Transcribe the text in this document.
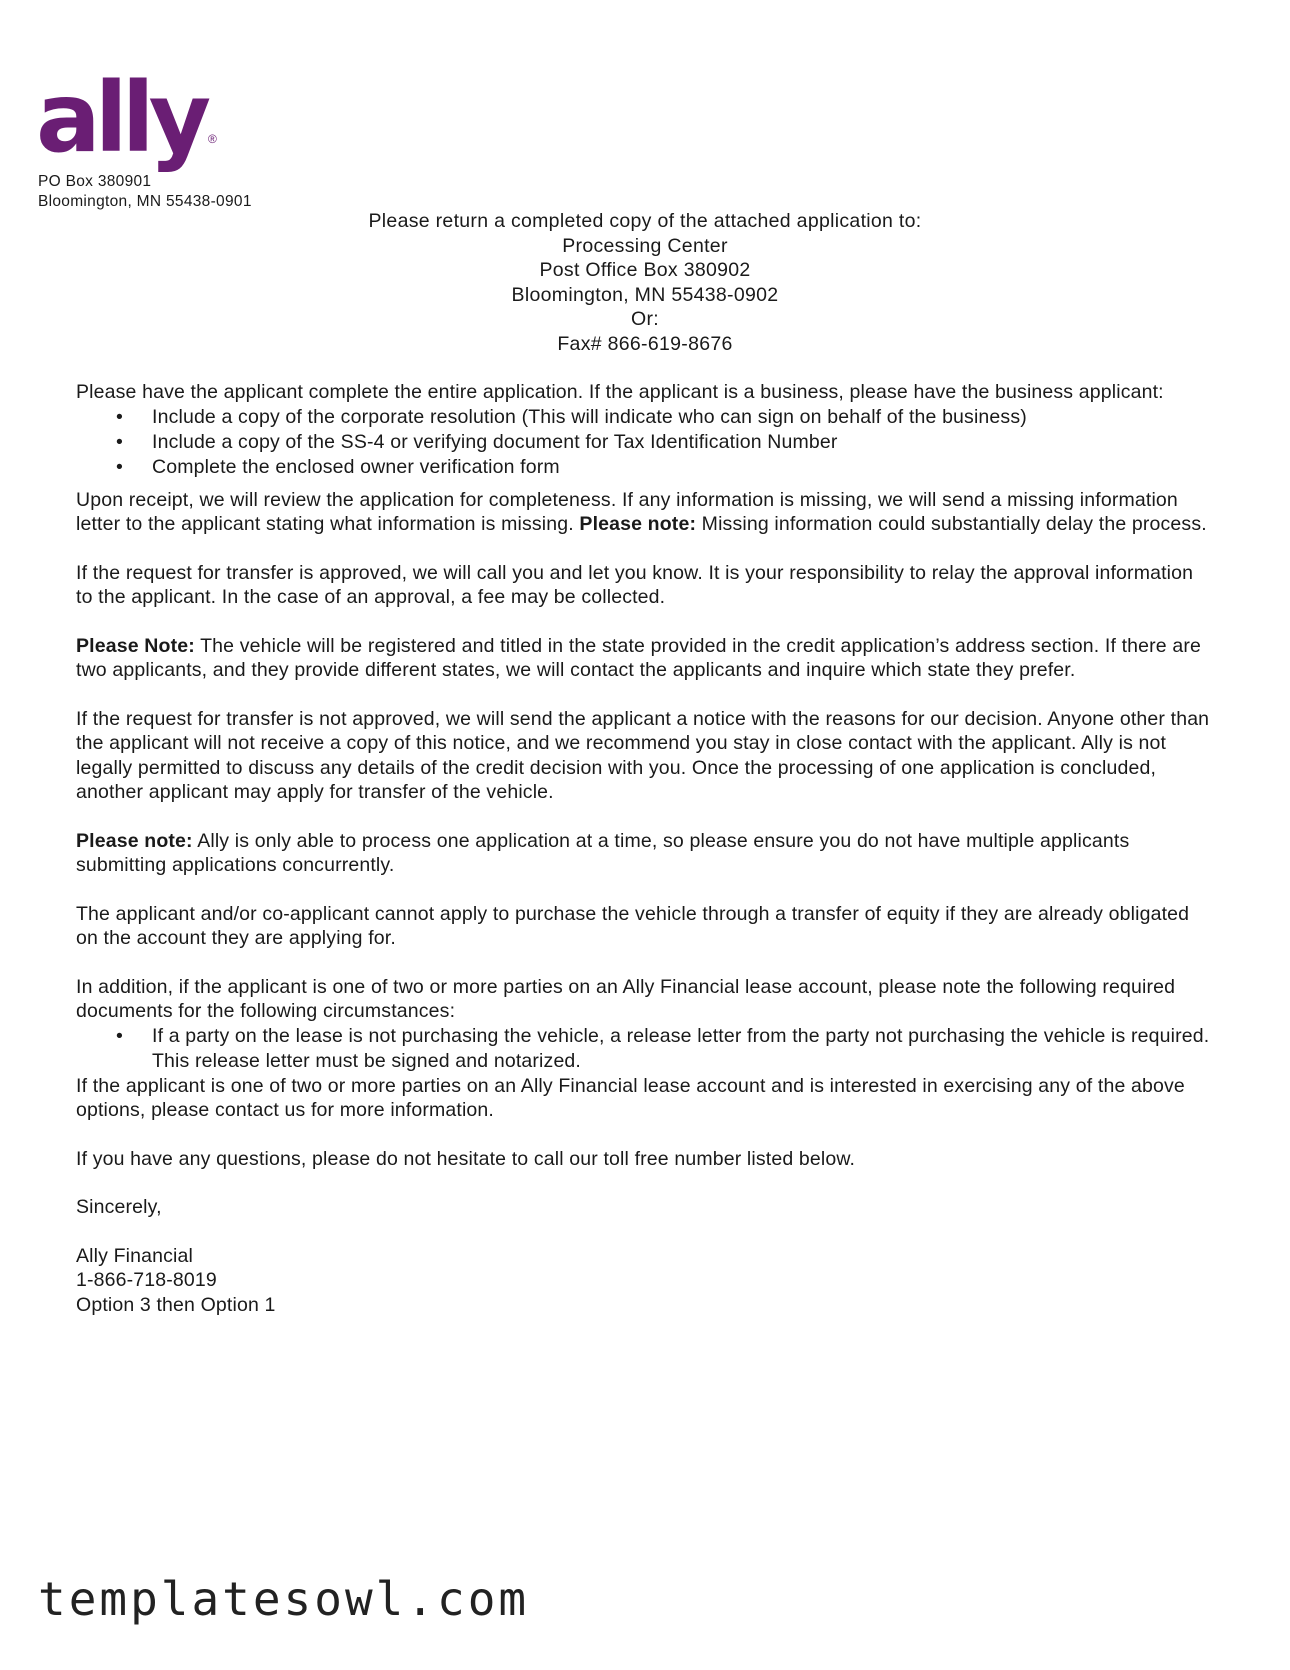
ally ®
PO Box 380901
Bloomington, MN 55438-0901
Please return a completed copy of the attached application to:
Processing Center
Post Office Box 380902
Bloomington, MN 55438-0902
Or:
Fax# 866-619-8676

Please have the applicant complete the entire application. If the applicant is a business, please have the business applicant:

• Include a copy of the corporate resolution (This will indicate who can sign on behalf of the business)
• Include a copy of the SS-4 or verifying document for Tax Identification Number
• Complete the enclosed owner verification form

Upon receipt, we will review the application for completeness. If any information is missing, we will send a missing information letter to the applicant stating what information is missing. Please note: Missing information could substantially delay the process.

If the request for transfer is approved, we will call you and let you know. It is your responsibility to relay the approval information to the applicant. In the case of an approval, a fee may be collected.

Please Note: The vehicle will be registered and titled in the state provided in the credit application’s address section. If there are two applicants, and they provide different states, we will contact the applicants and inquire which state they prefer.

If the request for transfer is not approved, we will send the applicant a notice with the reasons for our decision. Anyone other than the applicant will not receive a copy of this notice, and we recommend you stay in close contact with the applicant. Ally is not legally permitted to discuss any details of the credit decision with you. Once the processing of one application is concluded, another applicant may apply for transfer of the vehicle.

Please note: Ally is only able to process one application at a time, so please ensure you do not have multiple applicants submitting applications concurrently.

The applicant and/or co-applicant cannot apply to purchase the vehicle through a transfer of equity if they are already obligated on the account they are applying for.

In addition, if the applicant is one of two or more parties on an Ally Financial lease account, please note the following required documents for the following circumstances:

• If a party on the lease is not purchasing the vehicle, a release letter from the party not purchasing the vehicle is required. This release letter must be signed and notarized.

If the applicant is one of two or more parties on an Ally Financial lease account and is interested in exercising any of the above options, please contact us for more information.

If you have any questions, please do not hesitate to call our toll free number listed below.

Sincerely,

Ally Financial
1-866-718-8019
Option 3 then Option 1
templatesowl.com
